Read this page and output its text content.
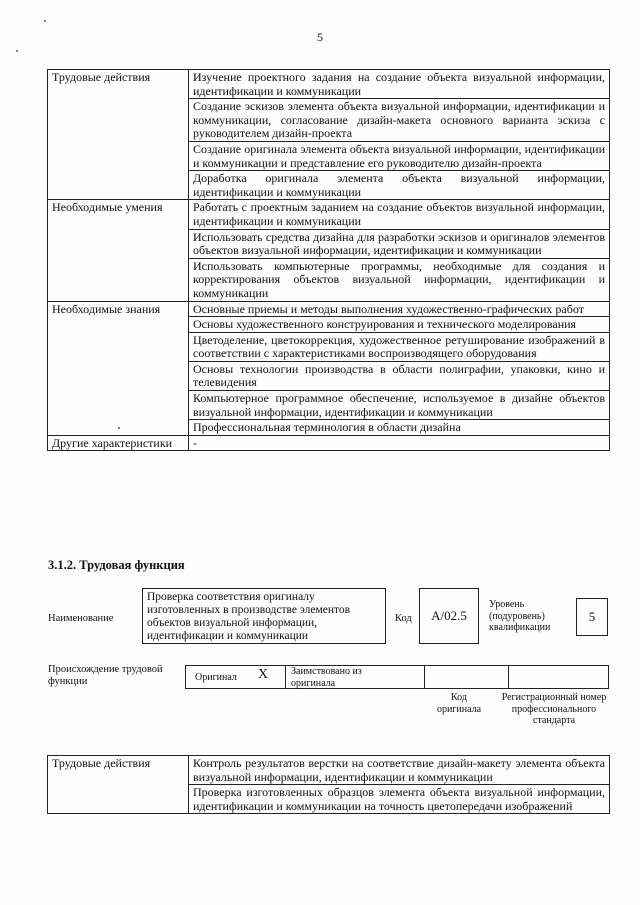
5
Трудовые действия	Изучение проектного задания на создание объекта визуальной информации, идентификации и коммуникации
	Создание эскизов элемента объекта визуальной информации, идентификации и коммуникации, согласование дизайн-макета основного варианта эскиза с руководителем дизайн-проекта
	Создание оригинала элемента объекта визуальной информации, идентификации и коммуникации и представление его руководителю дизайн-проекта
	Доработка оригинала элемента объекта визуальной информации, идентификации и коммуникации
Необходимые умения	Работать с проектным заданием на создание объектов визуальной информации, идентификации и коммуникации
	Использовать средства дизайна для разработки эскизов и оригиналов элементов объектов визуальной информации, идентификации и коммуникации
	Использовать компьютерные программы, необходимые для создания и корректирования объектов визуальной информации, идентификации и коммуникации
Необходимые знания	Основные приемы и методы выполнения художественно-графических работ
	Основы художественного конструирования и технического моделирования
	Цветоделение, цветокоррекция, художественное ретуширование изображений в соответствии с характеристиками воспроизводящего оборудования
	Основы технологии производства в области полиграфии, упаковки, кино и телевидения
	Компьютерное программное обеспечение, используемое в дизайне объектов визуальной информации, идентификации и коммуникации
	Профессиональная терминология в области дизайна
Другие характеристики	-
3.1.2. Трудовая функция
Наименование
Проверка соответствия оригиналу изготовленных в производстве элементов объектов визуальной информации, идентификации и коммуникации
Код	А/02.5
Уровень (подуровень) квалификации
5
Происхождение трудовой функции	Оригинал X Заимствовано из оригинала
Код оригинала
Регистрационный номер профессионального стандарта
Трудовые действия	Контроль результатов верстки на соответствие дизайн-макету элемента объекта визуальной информации, идентификации и коммуникации
Проверка изготовленных образцов элемента объекта визуальной информации, идентификации и коммуникации на точность цветопередачи изображений
